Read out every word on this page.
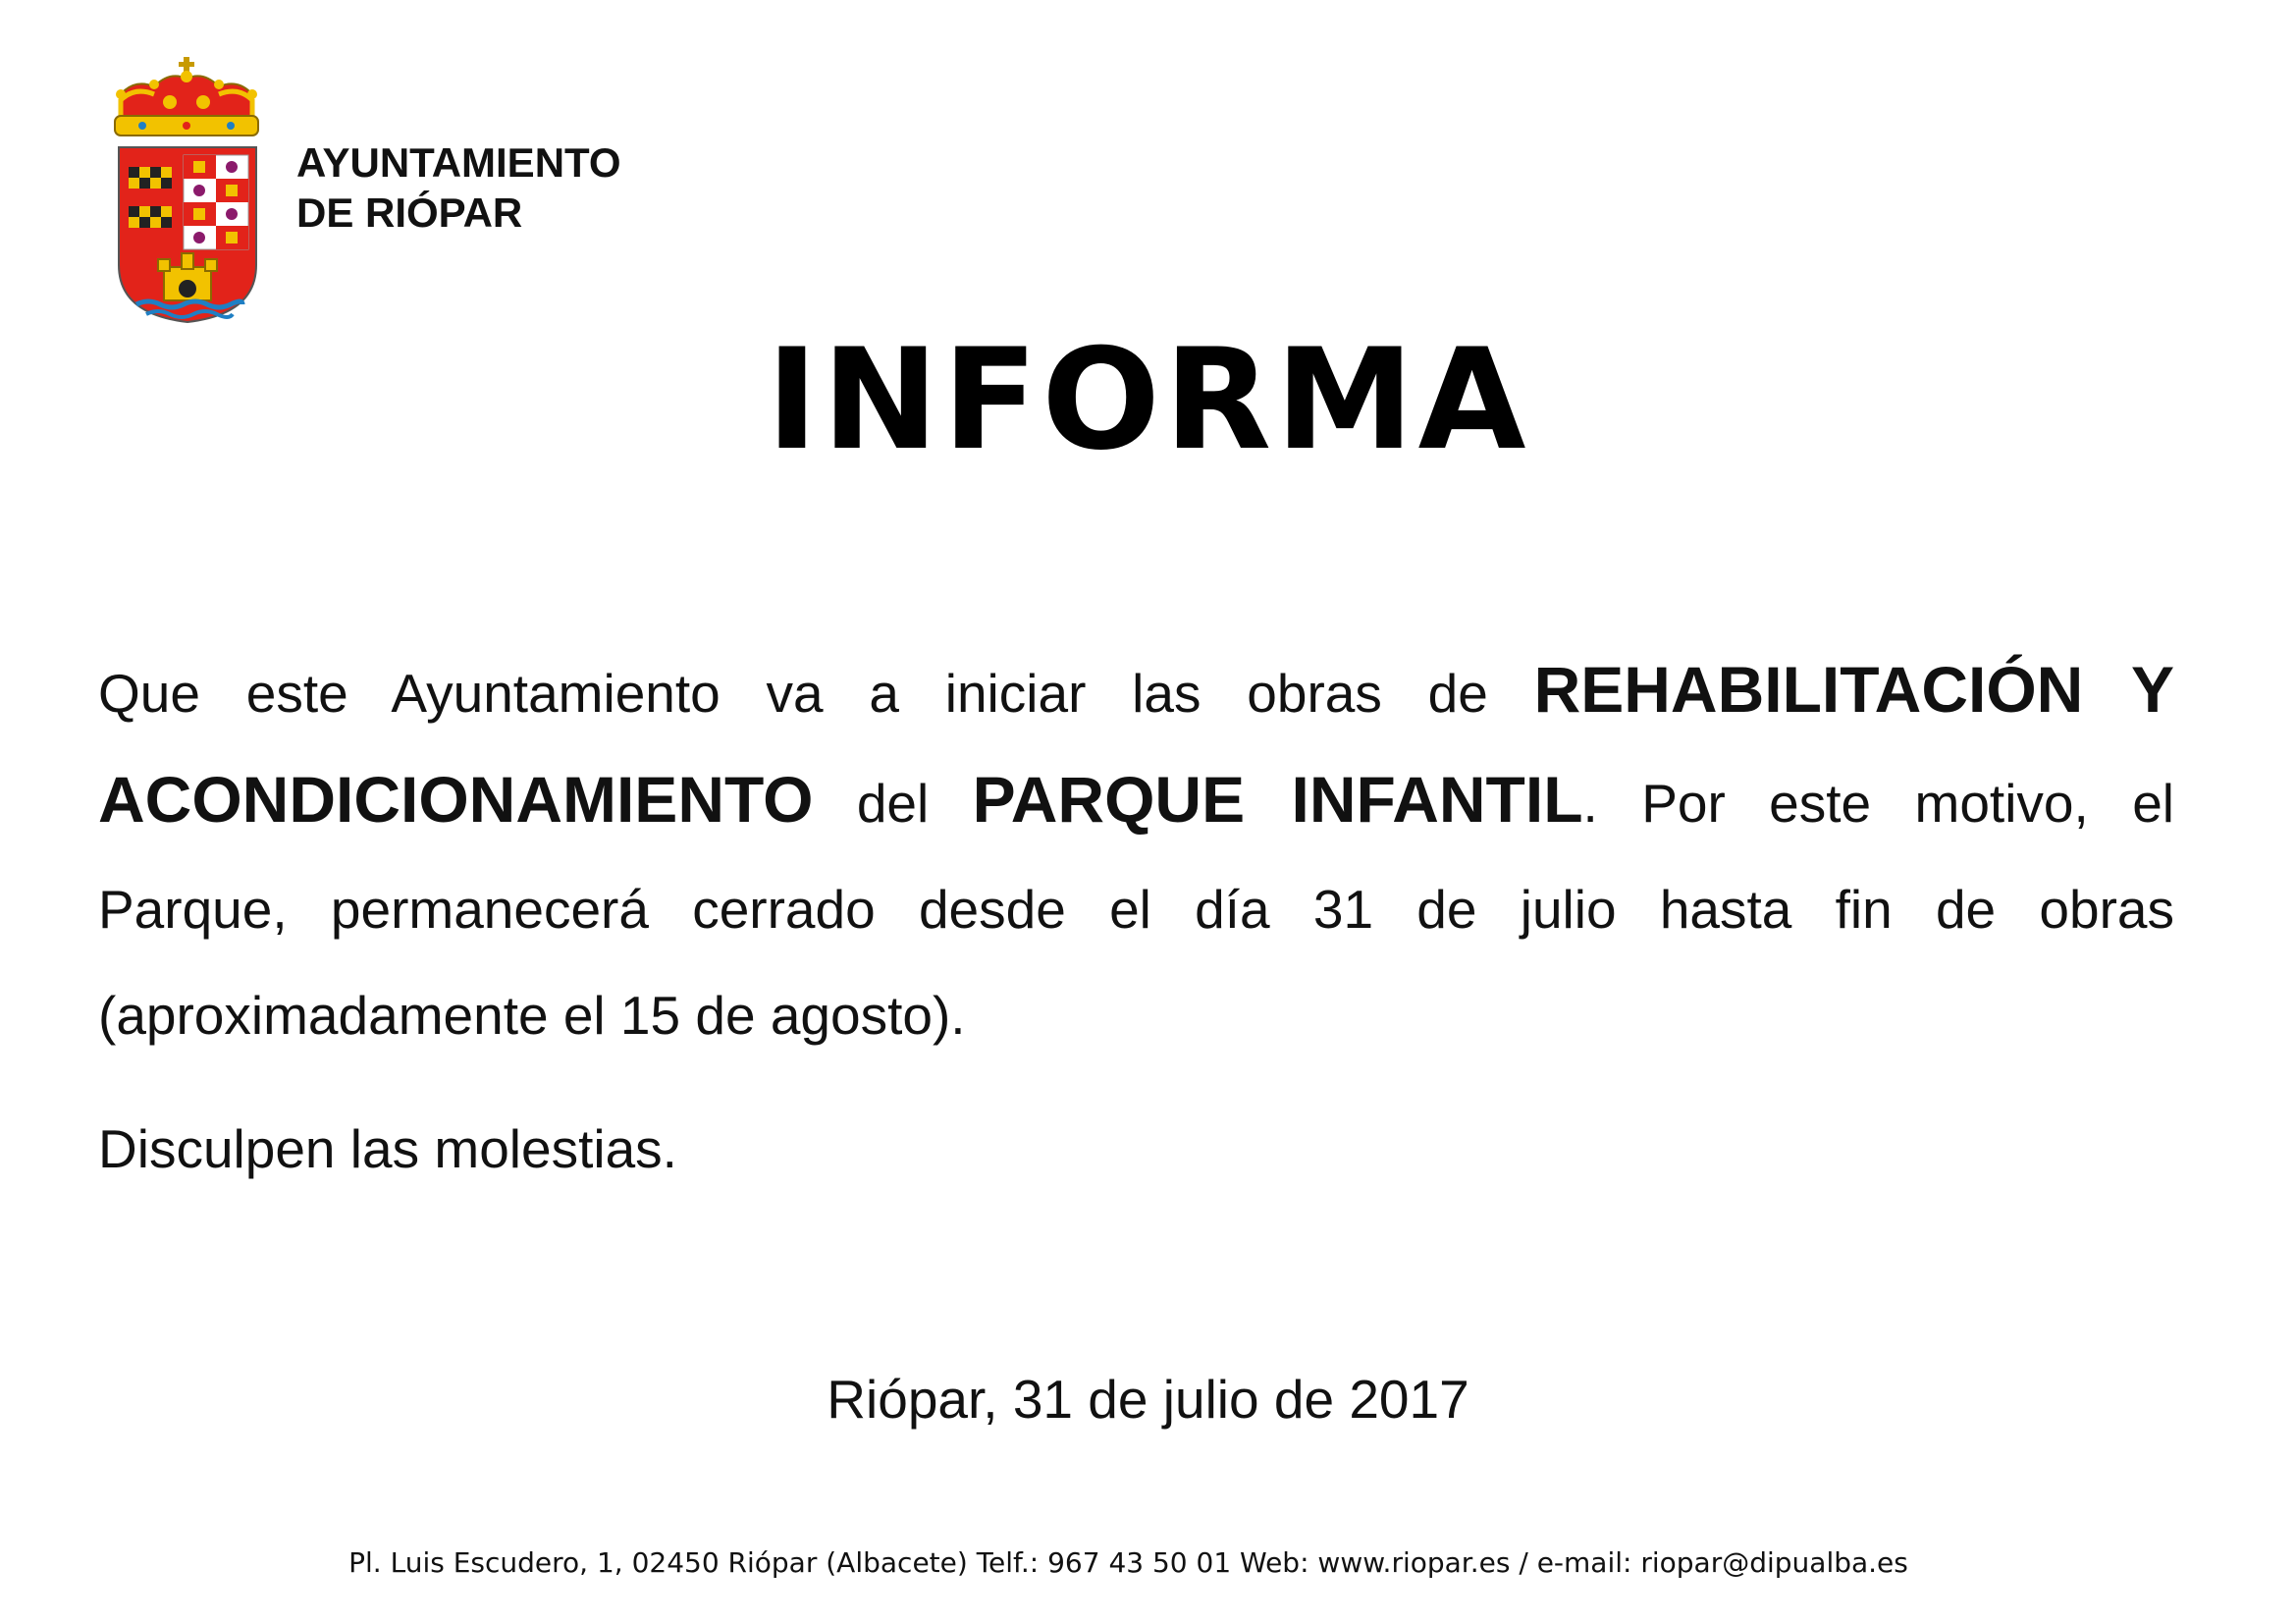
AYUNTAMIENTO
DE RIÓPAR
INFORMA
Que este Ayuntamiento va a iniciar las obras de REHABILITACIÓN Y ACONDICIONAMIENTO del PARQUE INFANTIL. Por este motivo, el Parque, permanecerá cerrado desde el día 31 de julio hasta fin de obras (aproximadamente el 15 de agosto).
Disculpen las molestias.
Riópar, 31 de julio de 2017
Pl. Luis Escudero, 1, 02450 Riópar (Albacete) Telf.: 967 43 50 01 Web: www.riopar.es / e-mail: riopar@dipualba.es
